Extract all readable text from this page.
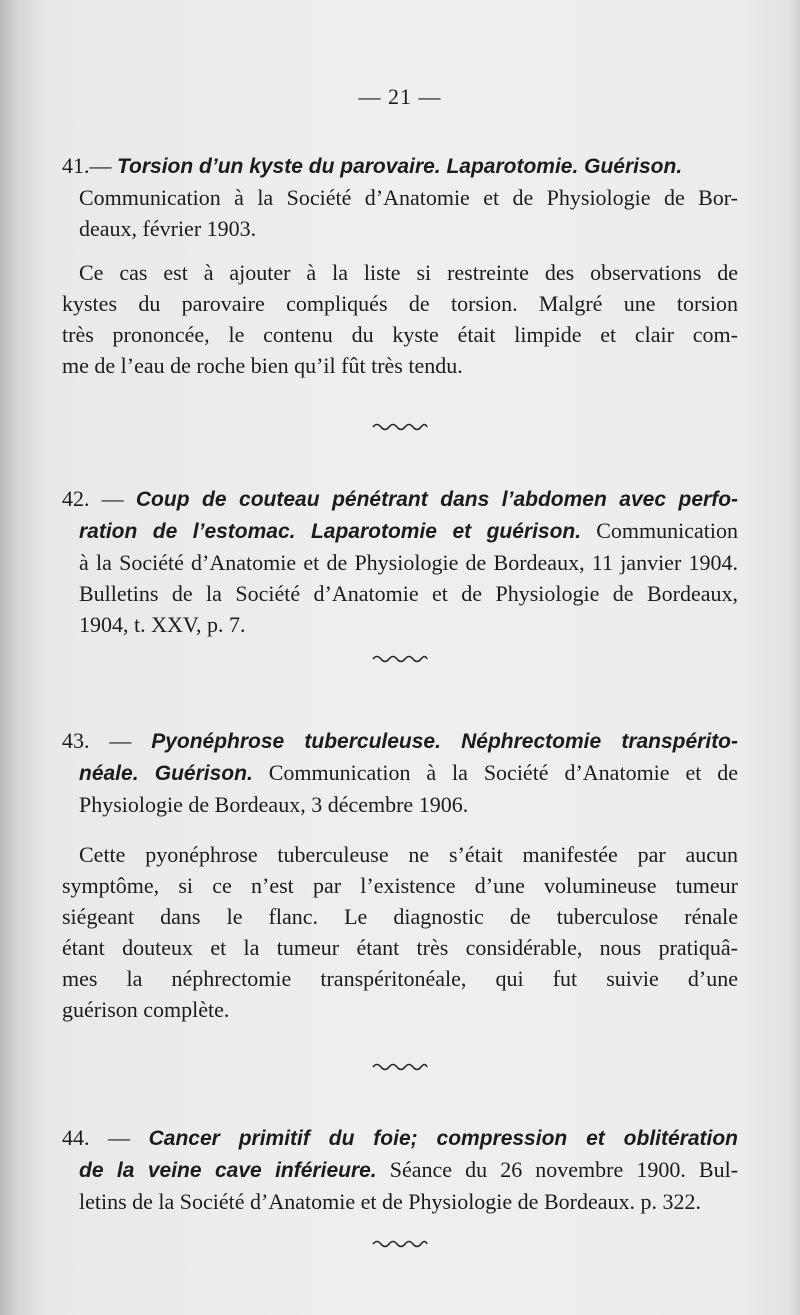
— 21 —
41.— Torsion d’un kyste du parovaire. Laparotomie. Guérison.
Communication à la Société d’Anatomie et de Physiologie de Bor-
deaux, février 1903.
Ce cas est à ajouter à la liste si restreinte des observations de
kystes du parovaire compliqués de torsion. Malgré une torsion
très prononcée, le contenu du kyste était limpide et clair com-
me de l’eau de roche bien qu’il fût très tendu.
42. — Coup de couteau pénétrant dans l’abdomen avec perfo-
ration de l’estomac. Laparotomie et guérison. Communication
à la Société d’Anatomie et de Physiologie de Bordeaux, 11 janvier 1904.
Bulletins de la Société d’Anatomie et de Physiologie de Bordeaux,
1904, t. XXV, p. 7.
43. — Pyonéphrose tuberculeuse. Néphrectomie transpérito-
néale. Guérison. Communication à la Société d’Anatomie et de
Physiologie de Bordeaux, 3 décembre 1906.
Cette pyonéphrose tuberculeuse ne s’était manifestée par aucun
symptôme, si ce n’est par l’existence d’une volumineuse tumeur
siégeant dans le flanc. Le diagnostic de tuberculose rénale
étant douteux et la tumeur étant très considérable, nous pratiquâ-
mes la néphrectomie transpéritonéale, qui fut suivie d’une
guérison complète.
44. — Cancer primitif du foie; compression et oblitération
de la veine cave inférieure. Séance du 26 novembre 1900. Bul-
letins de la Société d’Anatomie et de Physiologie de Bordeaux. p. 322.
